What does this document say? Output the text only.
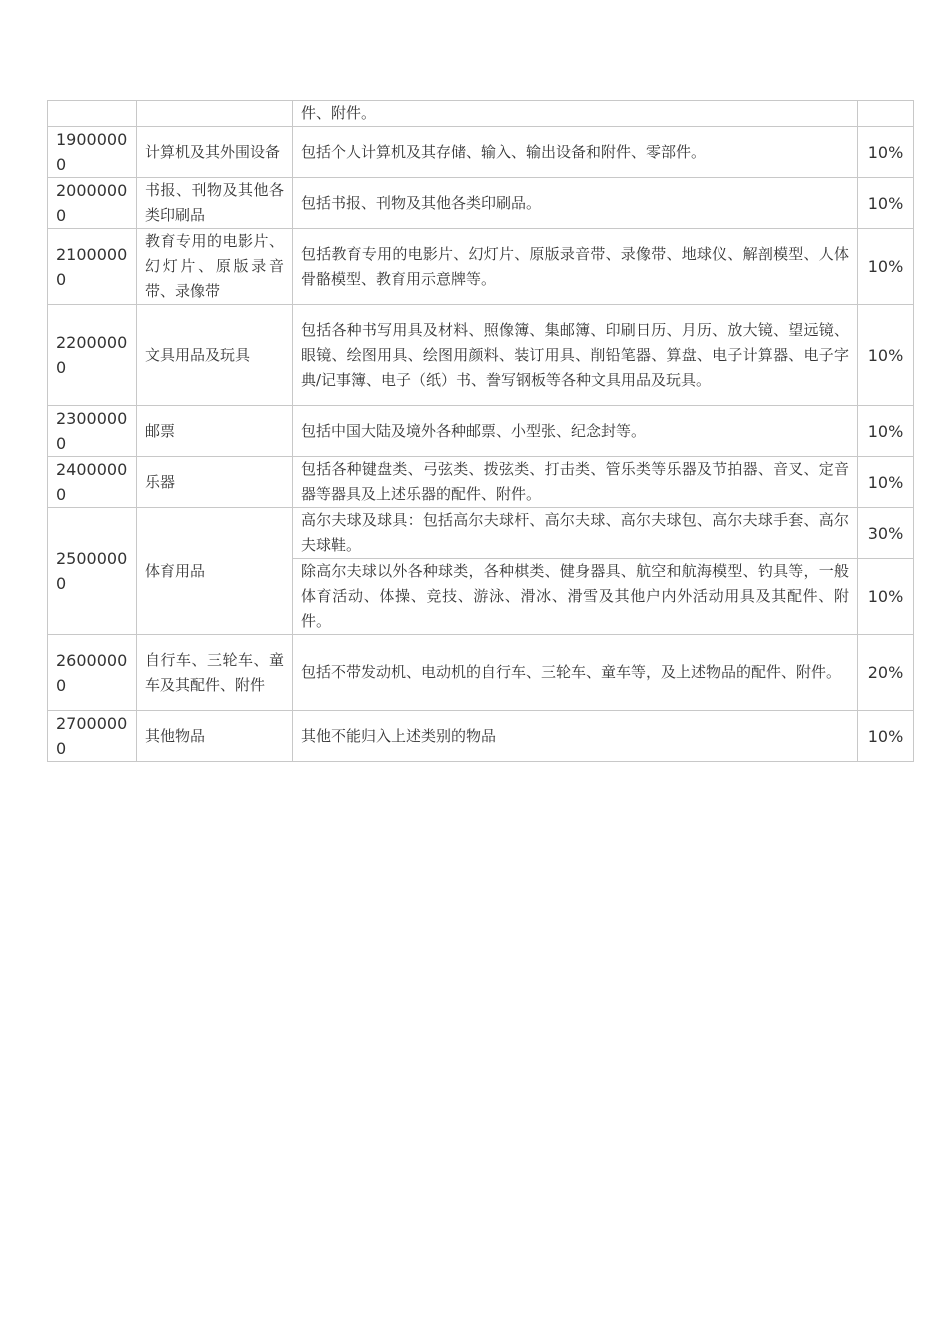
		件、附件。	
19000000	计算机及其外围设备	包括个人计算机及其存储、输入、输出设备和附件、零部件。	10%
20000000	书报、刊物及其他各类印刷品	包括书报、刊物及其他各类印刷品。	10%
21000000	教育专用的电影片、幻灯片、原版录音带、录像带	包括教育专用的电影片、幻灯片、原版录音带、录像带、地球仪、解剖模型、人体骨骼模型、教育用示意牌等。	10%
22000000	文具用品及玩具	包括各种书写用具及材料、照像簿、集邮簿、印刷日历、月历、放大镜、望远镜、眼镜、绘图用具、绘图用颜料、装订用具、削铅笔器、算盘、电子计算器、电子字典/记事簿、电子（纸）书、誊写钢板等各种文具用品及玩具。	10%
23000000	邮票	包括中国大陆及境外各种邮票、小型张、纪念封等。	10%
24000000	乐器	包括各种键盘类、弓弦类、拨弦类、打击类、管乐类等乐器及节拍器、音叉、定音器等器具及上述乐器的配件、附件。	10%
25000000	体育用品	高尔夫球及球具：包括高尔夫球杆、高尔夫球、高尔夫球包、高尔夫球手套、高尔夫球鞋。	30%
		除高尔夫球以外各种球类，各种棋类、健身器具、航空和航海模型、钓具等，一般体育活动、体操、竞技、游泳、滑冰、滑雪及其他户内外活动用具及其配件、附件。	10%
26000000	自行车、三轮车、童车及其配件、附件	包括不带发动机、电动机的自行车、三轮车、童车等，及上述物品的配件、附件。	20%
27000000	其他物品	其他不能归入上述类别的物品	10%
